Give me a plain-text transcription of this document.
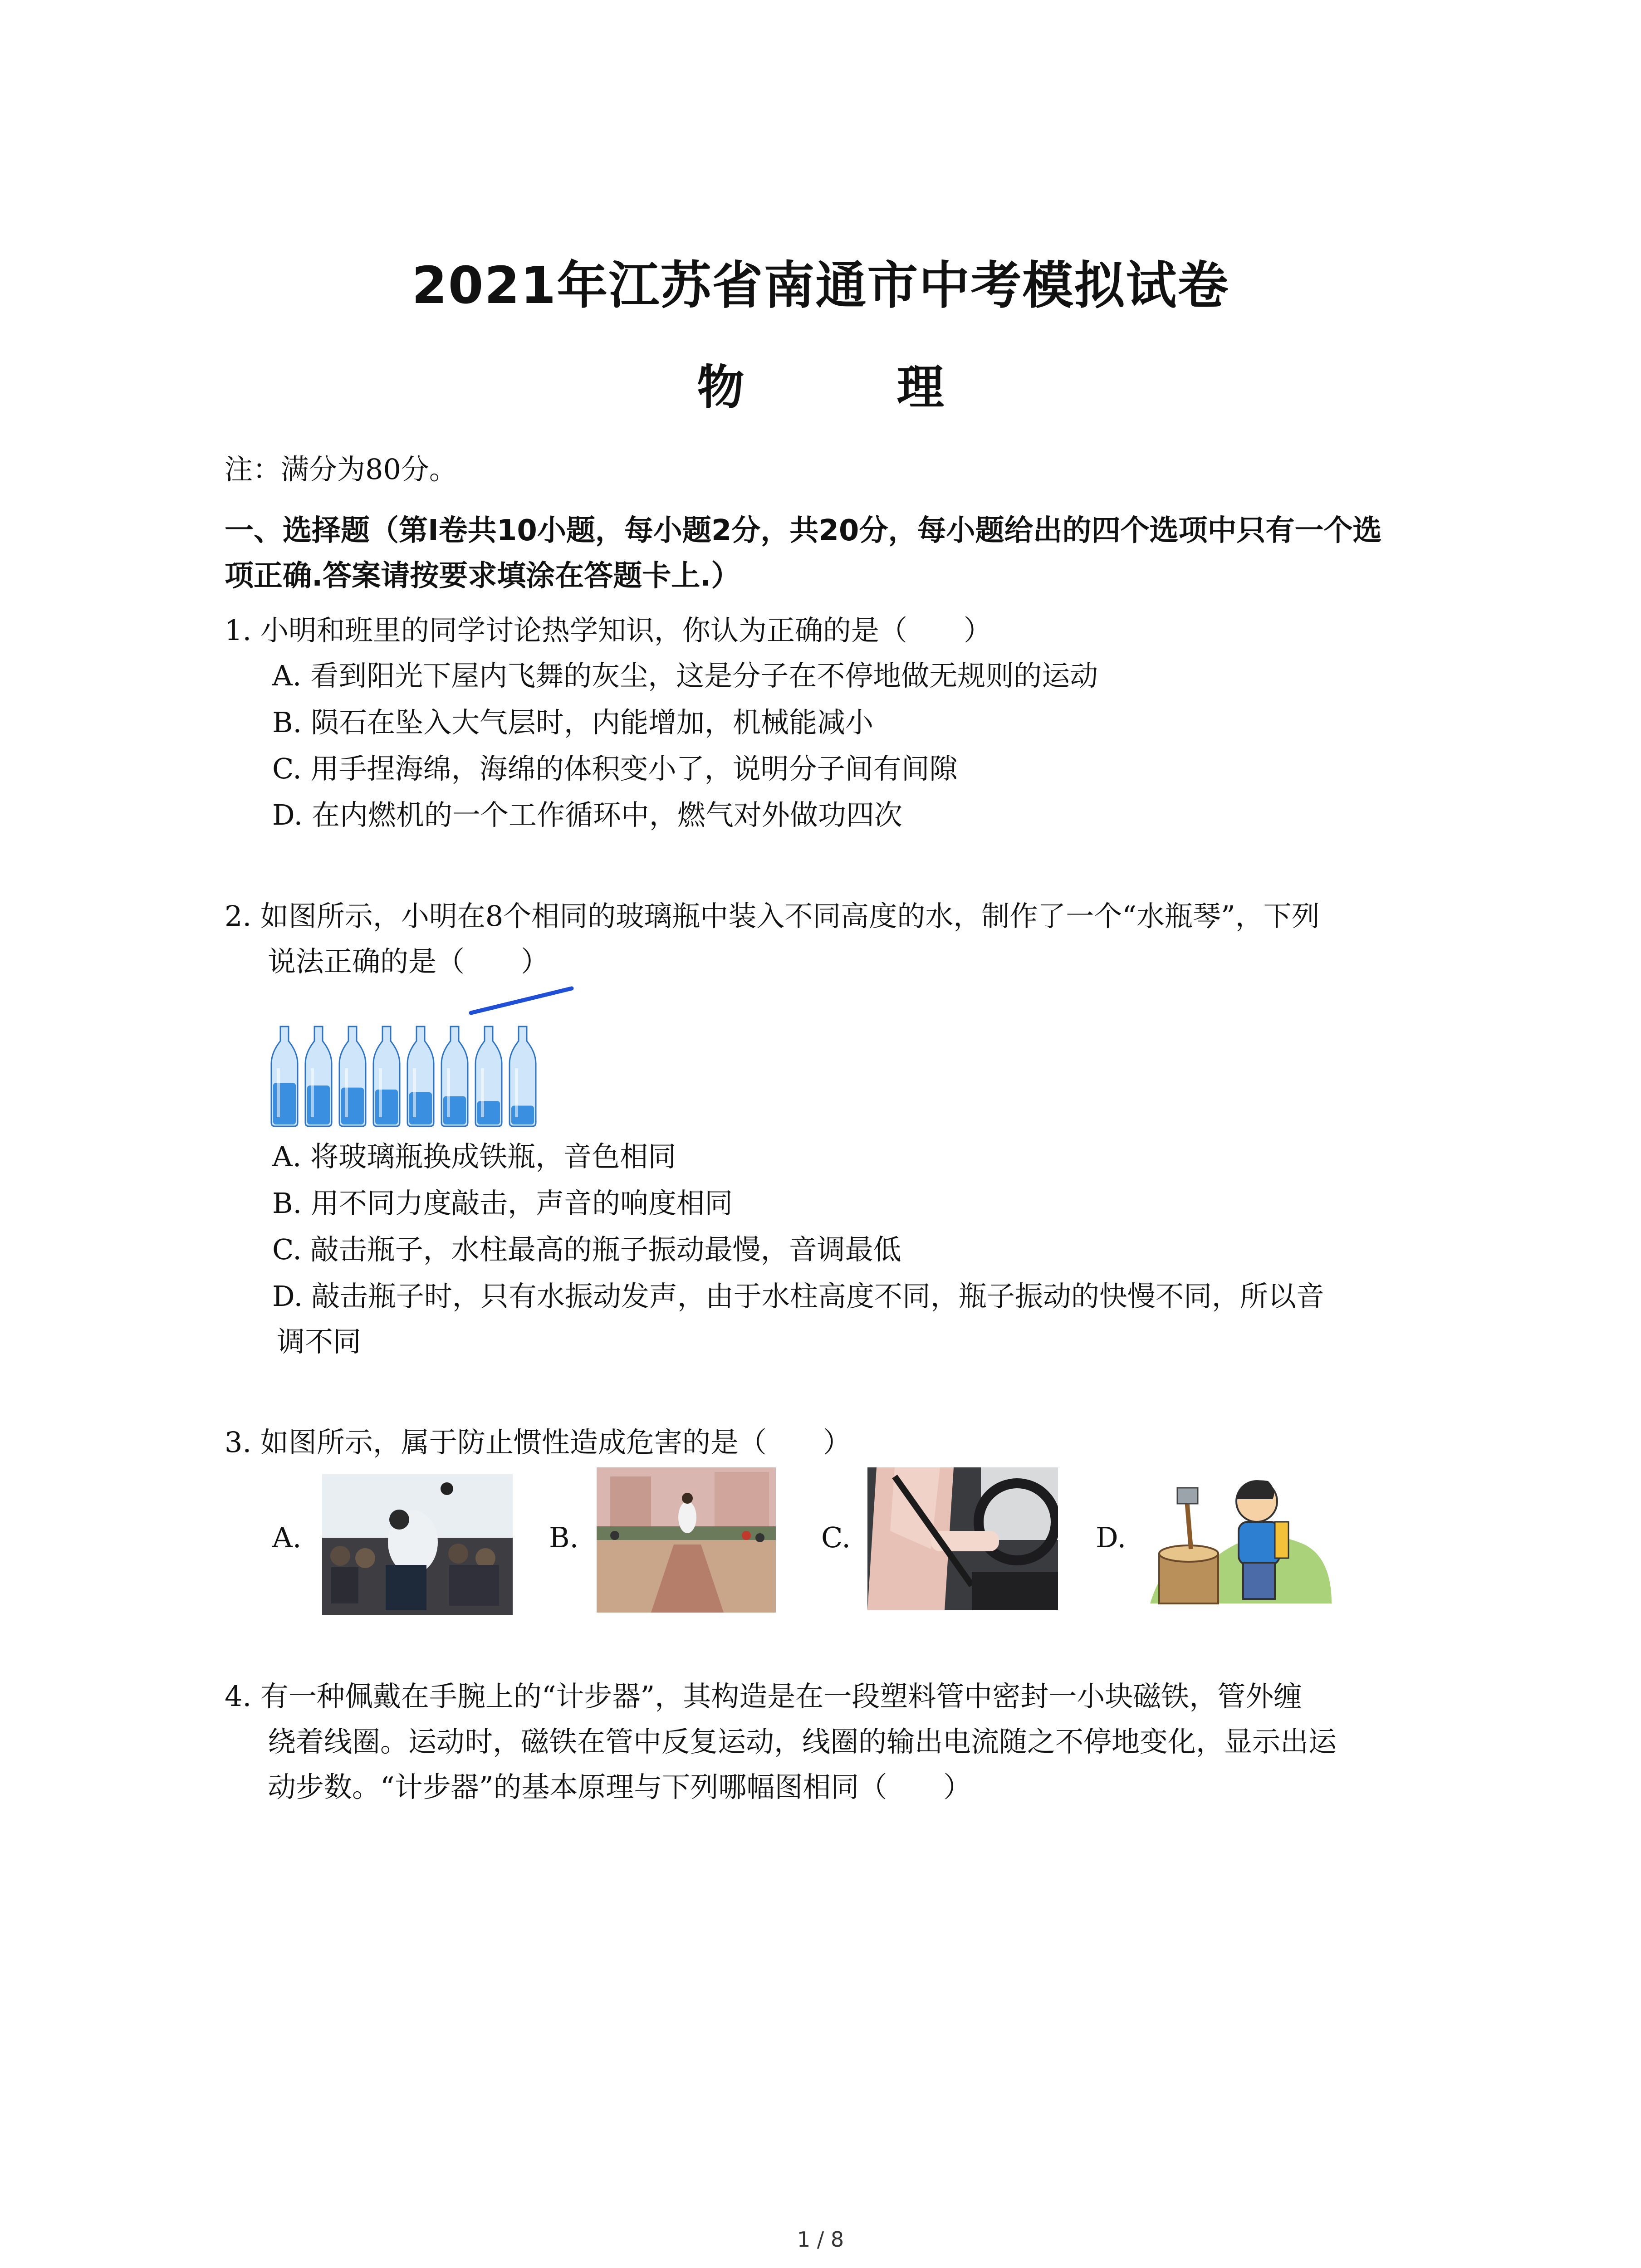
2021年江苏省南通市中考模拟试卷
物 理
注：满分为80分。
一、选择题（第Ⅰ卷共10小题，每小题2分，共20分，每小题给出的四个选项中只有一个选
项正确.答案请按要求填涂在答题卡上.）
1. 小明和班里的同学讨论热学知识，你认为正确的是（　　）
A. 看到阳光下屋内飞舞的灰尘，这是分子在不停地做无规则的运动
B. 陨石在坠入大气层时，内能增加，机械能减小
C. 用手捏海绵，海绵的体积变小了，说明分子间有间隙
D. 在内燃机的一个工作循环中，燃气对外做功四次
2. 如图所示，小明在8个相同的玻璃瓶中装入不同高度的水，制作了一个“水瓶琴”，下列
说法正确的是（　　）
A. 将玻璃瓶换成铁瓶，音色相同
B. 用不同力度敲击，声音的响度相同
C. 敲击瓶子，水柱最高的瓶子振动最慢，音调最低
D. 敲击瓶子时，只有水振动发声，由于水柱高度不同，瓶子振动的快慢不同，所以音
调不同
3. 如图所示，属于防止惯性造成危害的是（　　）
A.	B.	C.	D.
4. 有一种佩戴在手腕上的“计步器”，其构造是在一段塑料管中密封一小块磁铁，管外缠
绕着线圈。运动时，磁铁在管中反复运动，线圈的输出电流随之不停地变化，显示出运
动步数。“计步器”的基本原理与下列哪幅图相同（　　）
1 / 8
